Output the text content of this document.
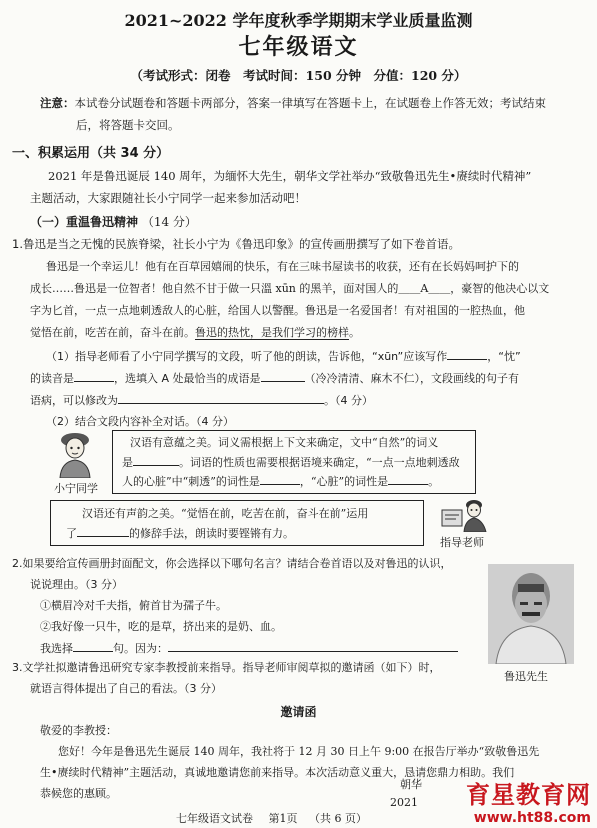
2021~2022 学年度秋季学期期末学业质量监测
七年级语文
（考试形式：闭卷　考试时间：150 分钟　分值：120 分）
注意：本试卷分试题卷和答题卡两部分，答案一律填写在答题卡上，在试题卷上作答无效；考试结束
后，将答题卡交回。
一、积累运用（共 34 分）
2021 年是鲁迅诞辰 140 周年，为缅怀大先生，朝华文学社举办“致敬鲁迅先生•赓续时代精神”
主题活动，大家跟随社长小宁同学一起来参加活动吧！
（一）重温鲁迅精神 （14 分）
1.鲁迅是当之无愧的民族脊梁，社长小宁为《鲁迅印象》的宣传画册撰写了如下卷首语。
鲁迅是一个幸运儿！他有在百草园嬉闹的快乐，有在三味书屋读书的收获，还有在长妈妈呵护下的
成长……鲁迅是一位智者！他自然不甘于做一只溫 xūn 的黑羊，面对国人的＿＿A＿＿，豪智的他决心以文
字为匕首，一点一点地刺透敌人的心脏，给国人以警醒。鲁迅是一名爱国者！有对祖国的一腔热血，他
觉悟在前，吃苦在前，奋斗在前。鲁迅的热忱，是我们学习的榜样。
（1）指导老师看了小宁同学撰写的文段，听了他的朗读，告诉他，“xūn”应该写作	，“忱”
的读音是	，选填入 A 处最恰当的成语是	（冷冷清清、麻木不仁），文段画线的句子有
语病，可以修改为	。（4 分）
（2）结合文段内容补全对话。（4 分）
小宁同学
汉语有意蕴之美。词义需根据上下文来确定，文中“自然”的词义
是	。词语的性质也需要根据语境来确定，“一点一点地刺透敌
人的心脏”中“刺透”的词性是	，“心脏”的词性是	。
汉语还有声韵之美。“觉悟在前，吃苦在前，奋斗在前”运用
了	的修辞手法，朗读时要铿锵有力。
指导老师
2.如果要给宣传画册封面配文，你会选择以下哪句名言？请结合卷首语以及对鲁迅的认识，
说说理由。（3 分）
①横眉冷对千夫指，俯首甘为孺子牛。
②我好像一只牛，吃的是草，挤出来的是奶、血。
我选择	句。因为：
鲁迅先生
3.文学社拟邀请鲁迅研究专家李教授前来指导。指导老师审阅草拟的邀请函（如下）时，
就语言得体提出了自己的看法。（3 分）
邀请函
敬爱的李教授：
您好！今年是鲁迅先生诞辰 140 周年，我社将于 12 月 30 日上午 9:00 在报告厅举办“致敬鲁迅先
生•赓续时代精神”主题活动，真诚地邀请您前来指导。本次活动意义重大，恳请您鼎力相助。我们
恭候您的惠顾。
朝华
2021
七年级语文试卷 第1页 （共 6 页）
育星教育网
www.ht88.com
